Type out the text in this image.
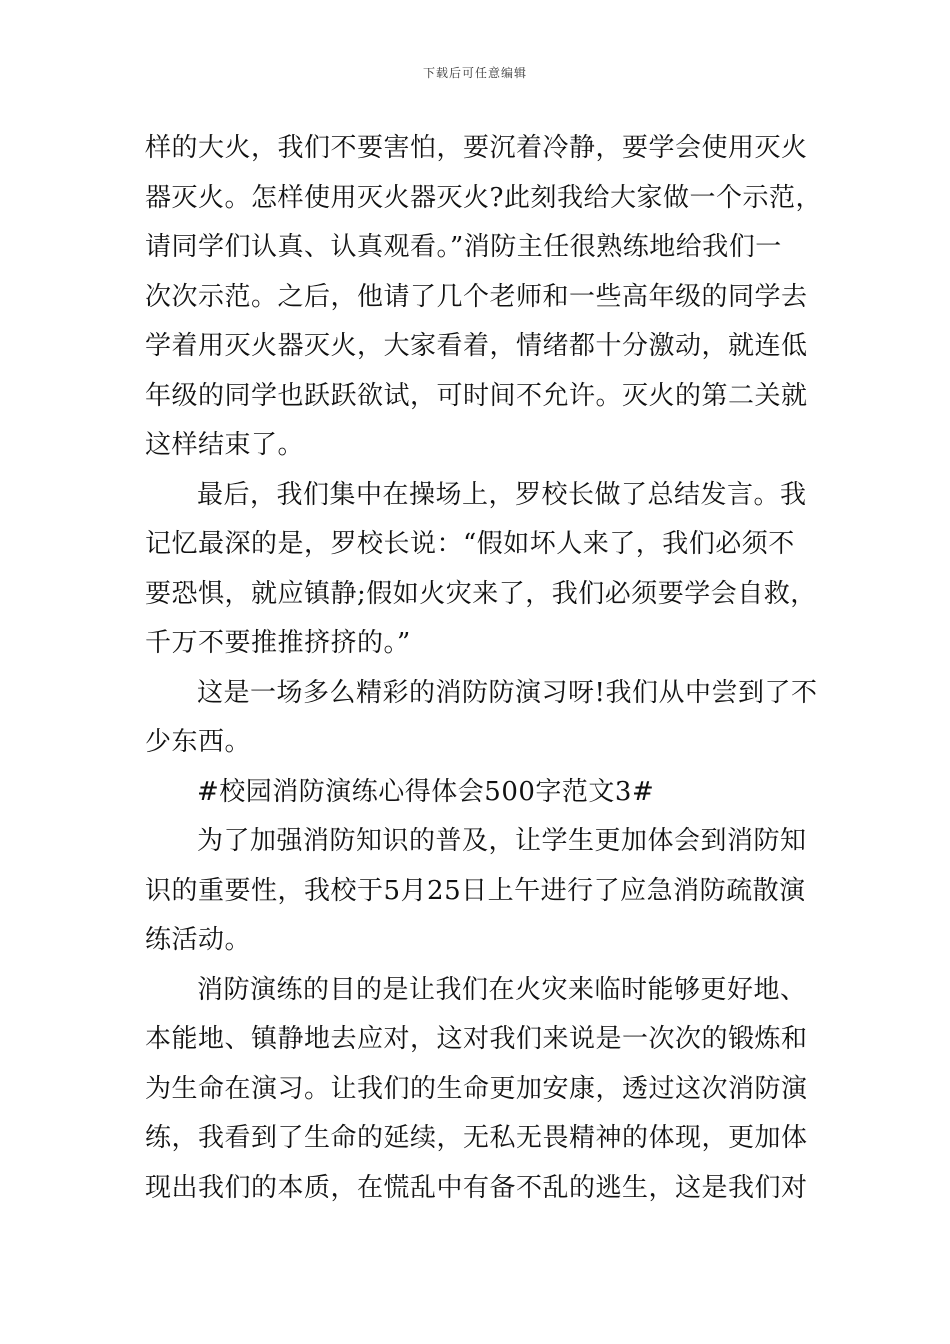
下载后可任意编辑
样的大火，我们不要害怕，要沉着冷静，要学会使用灭火
器灭火。怎样使用灭火器灭火?此刻我给大家做一个示范，
请同学们认真、认真观看。”消防主任很熟练地给我们一
次次示范。之后，他请了几个老师和一些高年级的同学去
学着用灭火器灭火，大家看着，情绪都十分激动，就连低
年级的同学也跃跃欲试，可时间不允许。灭火的第二关就
这样结束了。
最后，我们集中在操场上，罗校长做了总结发言。我
记忆最深的是，罗校长说：“假如坏人来了，我们必须不
要恐惧，就应镇静;假如火灾来了，我们必须要学会自救，
千万不要推推挤挤的。”
这是一场多么精彩的消防防演习呀!我们从中尝到了不
少东西。
#校园消防演练心得体会500字范文3#
为了加强消防知识的普及，让学生更加体会到消防知
识的重要性，我校于5月25日上午进行了应急消防疏散演
练活动。
消防演练的目的是让我们在火灾来临时能够更好地、
本能地、镇静地去应对，这对我们来说是一次次的锻炼和
为生命在演习。让我们的生命更加安康，透过这次消防演
练，我看到了生命的延续，无私无畏精神的体现，更加体
现出我们的本质，在慌乱中有备不乱的逃生，这是我们对
